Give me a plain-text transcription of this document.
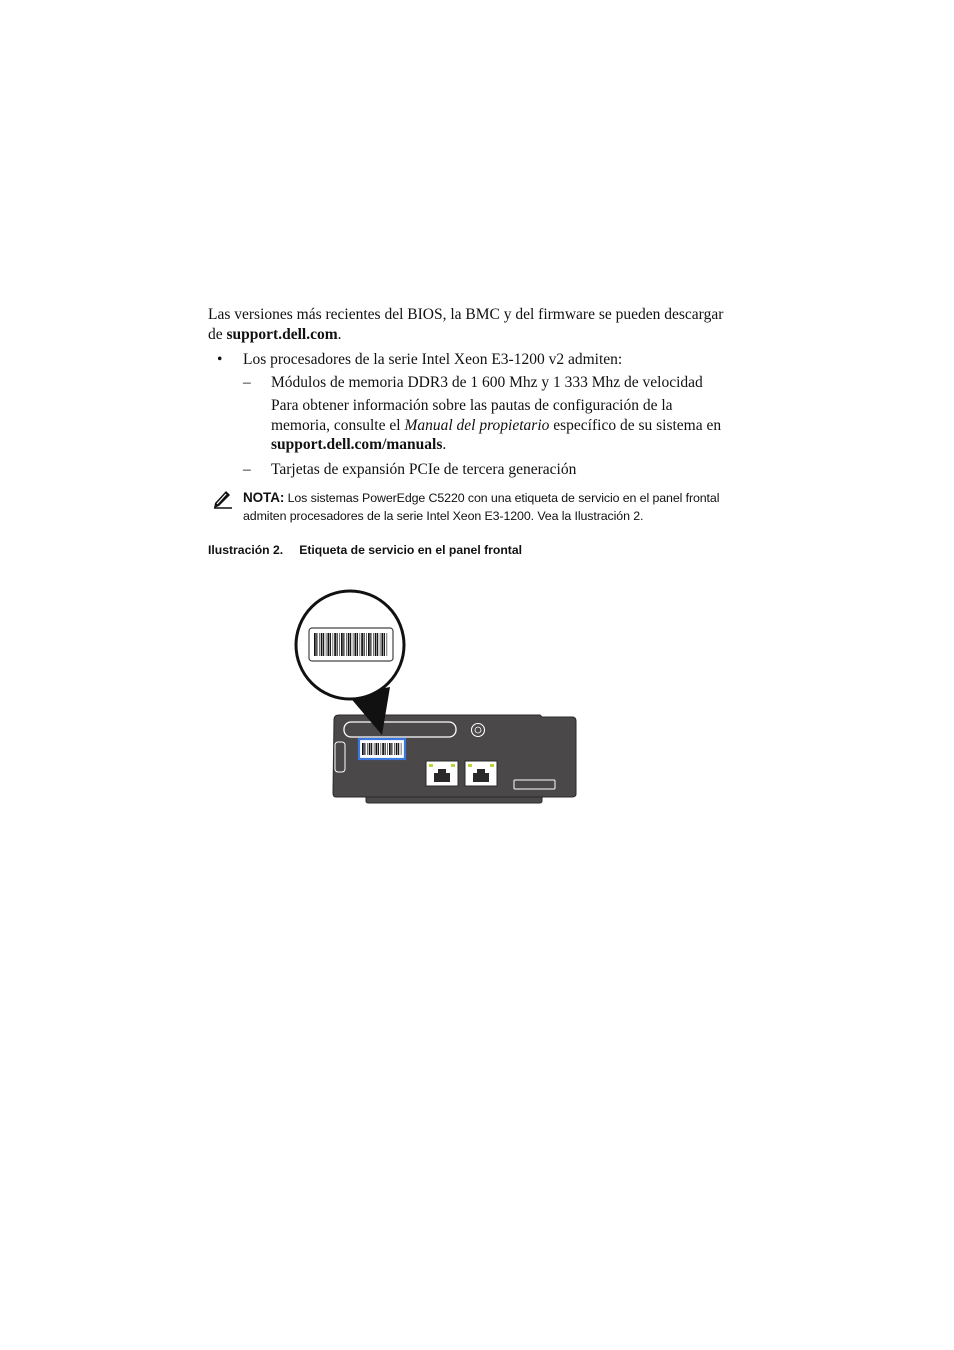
Las versiones más recientes del BIOS, la BMC y del firmware se pueden descargar
de support.dell.com.
• Los procesadores de la serie Intel Xeon E3-1200 v2 admiten:
– Módulos de memoria DDR3 de 1 600 Mhz y 1 333 Mhz de velocidad
Para obtener información sobre las pautas de configuración de la
memoria, consulte el Manual del propietario específico de su sistema en
support.dell.com/manuals.
– Tarjetas de expansión PCIe de tercera generación
NOTA: Los sistemas PowerEdge C5220 con una etiqueta de servicio en el panel frontal
admiten procesadores de la serie Intel Xeon E3-1200. Vea la Ilustración 2.
Ilustración 2. Etiqueta de servicio en el panel frontal
